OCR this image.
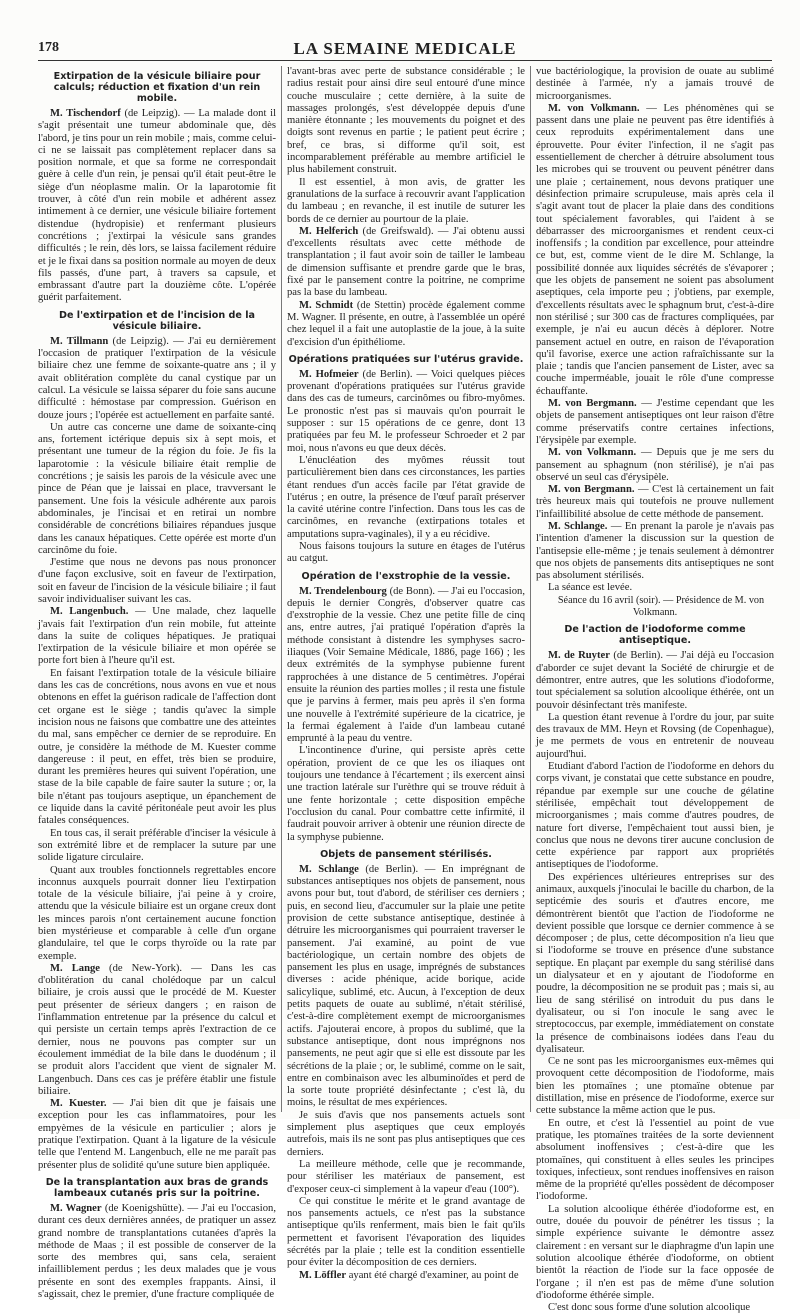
178	LA SEMAINE MEDICALE
Extirpation de la vésicule biliaire pour calculs; réduction et fixation d'un rein mobile.

M. Tischendorf (de Leipzig). — La malade dont il s'agit présentait une tumeur abdominale que, dès l'abord, je tins pour un rein mobile ; mais, comme celui-ci ne se laissait pas complètement replacer dans sa position normale, et que sa forme ne correspondait guère à celle d'un rein, je pensai qu'il était peut-être le siège d'un néoplasme malin. Or la laparotomie fit trouver, à côté d'un rein mobile et adhérent assez intimement à ce dernier, une vésicule biliaire fortement distendue (hydropisie) et renfermant plusieurs concrétions ; j'extirpai la vésicule sans grandes difficultés ; le rein, dès lors, se laissa facilement réduire et je le fixai dans sa position normale au moyen de deux fils passés, d'une part, à travers sa capsule, et embrassant d'autre part la douzième côte. L'opérée guérit parfaitement.

De l'extirpation et de l'incision de la vésicule biliaire.

M. Tillmann (de Leipzig). — J'ai eu dernièrement l'occasion de pratiquer l'extirpation de la vésicule biliaire chez une femme de soixante-quatre ans ; il y avait oblitération complète du canal cystique par un calcul. La vésicule se laissa séparer du foie sans aucune difficulté : hémostase par compression. Guérison en douze jours ; l'opérée est actuellement en parfaite santé.

Un autre cas concerne une dame de soixante-cinq ans, fortement ictérique depuis six à sept mois, et présentant une tumeur de la région du foie. Je fis la laparotomie : la vésicule biliaire était remplie de concrétions ; je saisis les parois de la vésicule avec une pince de Péan que je laissai en place, travversant le pansement. Une fois la vésicule adhérente aux parois abdominales, je l'incisai et en retirai un nombre considérable de concrétions biliaires répandues jusque dans les canaux hépatiques. Cette opérée est morte d'un carcinôme du foie.

J'estime que nous ne devons pas nous prononcer d'une façon exclusive, soit en faveur de l'extirpation, soit en faveur de l'incision de la vésicule biliaire ; il faut savoir individualiser suivant les cas.

M. Langenbuch. — Une malade, chez laquelle j'avais fait l'extirpation d'un rein mobile, fut atteinte dans la suite de coliques hépatiques. Je pratiquai l'extirpation de la vésicule biliaire et mon opérée se porte fort bien à l'heure qu'il est.

En faisant l'extirpation totale de la vésicule biliaire dans les cas de concrétions, nous avons en vue et nous obtenons en effet la guérison radicale de l'affection dont cet organe est le siège ; tandis qu'avec la simple incision nous ne faisons que combattre une des atteintes du mal, sans empêcher ce dernier de se reproduire. En outre, je considère la méthode de M. Kuester comme dangereuse : il peut, en effet, très bien se produire, durant les premières heures qui suivent l'opération, une stase de la bile capable de faire sauter la suture ; or, la bile n'étant pas toujours aseptique, un épanchement de ce liquide dans la cavité péritonéale peut avoir les plus fatales conséquences.

En tous cas, il serait préférable d'inciser la vésicule à son extrémité libre et de remplacer la suture par une solide ligature circulaire.

Quant aux troubles fonctionnels regrettables encore inconnus auxquels pourrait donner lieu l'extirpation totale de la vésicule biliaire, j'ai peine à y croire, attendu que la vésicule biliaire est un organe creux dont les minces parois n'ont certainement aucune fonction bien mystérieuse et comparable à celle d'un organe glandulaire, tel que le corps thyroïde ou la rate par exemple.

M. Lange (de New-York). — Dans les cas d'oblitération du canal cholédoque par un calcul biliaire, je crois aussi que le procédé de M. Kuester peut présenter de sérieux dangers ; en raison de l'inflammation entretenue par la présence du calcul et qui persiste un certain temps après l'extraction de ce dernier, nous ne pouvons pas compter sur un écoulement immédiat de la bile dans le duodénum ; il se produit alors l'accident que vient de signaler M. Langenbuch. Dans ces cas je préfère établir une fistule biliaire.

M. Kuester. — J'ai bien dit que je faisais une exception pour les cas inflammatoires, pour les empyèmes de la vésicule en particulier ; alors je pratique l'extirpation. Quant à la ligature de la vésicule telle que l'entend M. Langenbuch, elle ne me paraît pas présenter plus de solidité qu'une suture bien appliquée.

De la transplantation aux bras de grands lambeaux cutanés pris sur la poitrine.

M. Wagner (de Koenigshütte). — J'ai eu l'occasion, durant ces deux dernières années, de pratiquer un assez grand nombre de transplantations cutanées d'après la méthode de Maas ; il est possible de conserver de la sorte des membres qui, sans cela, seraient infailliblement perdus ; les deux malades que je vous présente en sont des exemples frappants. Ainsi, il s'agissait, chez le premier, d'une fracture compliquée de

l'avant-bras avec perte de substance considérable ; le radius restait pour ainsi dire seul entouré d'une mince couche musculaire ; cette dernière, à la suite de massages prolongés, s'est développée depuis d'une manière étonnante ; les mouvements du poignet et des doigts sont revenus en partie ; le patient peut écrire ; bref, ce bras, si difforme qu'il soit, est incomparablement préférable au membre artificiel le plus habilement construit.

Il est essentiel, à mon avis, de gratter les granulations de la surface à recouvrir avant l'application du lambeau ; en revanche, il est inutile de suturer les bords de ce dernier au pourtour de la plaie.

M. Helferich (de Greifswald). — J'ai obtenu aussi d'excellents résultats avec cette méthode de transplantation ; il faut avoir soin de tailler le lambeau de dimension suffisante et prendre garde que le bras, fixé par le pansement contre la poitrine, ne comprime pas la base du lambeau.

M. Schmidt (de Stettin) procède également comme M. Wagner. Il présente, en outre, à l'assemblée un opéré chez lequel il a fait une autoplastie de la joue, à la suite d'excision d'un épithéliome.

Opérations pratiquées sur l'utérus gravide.

M. Hofmeier (de Berlin). — Voici quelques pièces provenant d'opérations pratiquées sur l'utérus gravide dans des cas de tumeurs, carcinômes ou fibro-myômes. Le pronostic n'est pas si mauvais qu'on pourrait le supposer : sur 15 opérations de ce genre, dont 13 pratiquées par feu M. le professeur Schroeder et 2 par moi, nous n'avons eu que deux décès.

L'énucléation des myômes réussit tout particulièrement bien dans ces circonstances, les parties étant rendues d'un accès facile par l'état gravide de l'utérus ; en outre, la présence de l'œuf paraît préserver la cavité utérine contre l'infection. Dans tous les cas de carcinômes, en revanche (extirpations totales et amputations supra-vaginales), il y a eu récidive.

Nous faisons toujours la suture en étages de l'utérus au catgut.

Opération de l'exstrophie de la vessie.

M. Trendelenbourg (de Bonn). — J'ai eu l'occasion, depuis le dernier Congrès, d'observer quatre cas d'exstrophie de la vessie. Chez une petite fille de cinq ans, entre autres, j'ai pratiqué l'opération d'après la méthode consistant à distendre les symphyses sacro-iliaques (Voir Semaine Médicale, 1886, page 166) ; les deux extrémités de la symphyse pubienne furent rapprochées à une distance de 5 centimètres. J'opérai ensuite la réunion des parties molles ; il resta une fistule que je parvins à fermer, mais peu après il s'en forma une nouvelle à l'extrémité supérieure de la cicatrice, je la fermai également à l'aide d'un lambeau cutané emprunté à la peau du ventre.

L'incontinence d'urine, qui persiste après cette opération, provient de ce que les os iliaques ont toujours une tendance à l'écartement ; ils exercent ainsi une traction latérale sur l'urèthre qui se trouve réduit à une fente horizontale ; cette disposition empêche l'occlusion du canal. Pour combattre cette infirmité, il faudrait pouvoir arriver à obtenir une réunion directe de la symphyse pubienne.

Objets de pansement stérilisés.

M. Schlange (de Berlin). — En imprégnant de substances antiseptiques nos objets de pansement, nous avons pour but, tout d'abord, de stériliser ces derniers ; puis, en second lieu, d'accumuler sur la plaie une petite provision de cette substance antiseptique, destinée à détruire les microorganismes qui pourraient traverser le pansement. J'ai examiné, au point de vue bactériologique, un certain nombre des objets de pansement les plus en usage, imprégnés de substances diverses : acide phénique, acide borique, acide salicylique, sublimé, etc. Aucun, à l'exception de deux petits paquets de ouate au sublimé, n'était stérilisé, c'est-à-dire complètement exempt de microorganismes actifs. J'ajouterai encore, à propos du sublimé, que la substance antiseptique, dont nous imprégnons nos pansements, ne peut agir que si elle est dissoute par les sécrétions de la plaie ; or, le sublimé, comme on le sait, entre en combinaison avec les albuminoïdes et perd de la sorte toute propriété désinfectante ; c'est là, du moins, le résultat de mes expériences.

Je suis d'avis que nos pansements actuels sont simplement plus aseptiques que ceux employés autrefois, mais ils ne sont pas plus antiseptiques que ces derniers.

La meilleure méthode, celle que je recommande, pour stériliser les matériaux de pansement, est d'exposer ceux-ci simplement à la vapeur d'eau (100°).

Ce qui constitue le mérite et le grand avantage de nos pansements actuels, ce n'est pas la substance antiseptique qu'ils renferment, mais bien le fait qu'ils permettent et favorisent l'évaporation des liquides sécrétés par la plaie ; telle est la condition essentielle pour éviter la décomposition de ces derniers.

M. Löffler ayant été chargé d'examiner, au point de

vue bactériologique, la provision de ouate au sublimé destinée à l'armée, n'y a jamais trouvé de microorganismes.

M. von Volkmann. — Les phénomènes qui se passent dans une plaie ne peuvent pas être identifiés à ceux reproduits expérimentalement dans une éprouvette. Pour éviter l'infection, il ne s'agit pas essentiellement de chercher à détruire absolument tous les microbes qui se trouvent ou peuvent pénétrer dans une plaie ; certainement, nous devons pratiquer une désinfection primaire scrupuleuse, mais après cela il s'agit avant tout de placer la plaie dans des conditions tout spécialement favorables, qui l'aident à se débarrasser des microorganismes et rendent ceux-ci inoffensifs ; la condition par excellence, pour atteindre ce but, est, comme vient de le dire M. Schlange, la possibilité donnée aux liquides sécrétés de s'évaporer ; que les objets de pansement ne soient pas absolument aseptiques, cela importe peu ; j'obtiens, par exemple, d'excellents résultats avec le sphagnum brut, c'est-à-dire non stérilisé ; sur 300 cas de fractures compliquées, par exemple, je n'ai eu aucun décès à déplorer. Notre pansement actuel en outre, en raison de l'évaporation qu'il favorise, exerce une action rafraîchissante sur la plaie ; tandis que l'ancien pansement de Lister, avec sa couche imperméable, jouait le rôle d'une compresse échauffante.

M. von Bergmann. — J'estime cependant que les objets de pansement antiseptiques ont leur raison d'être comme préservatifs contre certaines infections, l'érysipèle par exemple.

M. von Volkmann. — Depuis que je me sers du pansement au sphagnum (non stérilisé), je n'ai pas observé un seul cas d'érysipèle.

M. von Bergmann. — C'est là certainement un fait très heureux mais qui toutefois ne prouve nullement l'infaillibilité absolue de cette méthode de pansement.

M. Schlange. — En prenant la parole je n'avais pas l'intention d'amener la discussion sur la question de l'antisepsie elle-même ; je tenais seulement à démontrer que nos objets de pansements dits antiseptiques ne sont pas absolument stérilisés.

La séance est levée.

Séance du 16 avril (soir). — Présidence de M. von Volkmann.

De l'action de l'iodoforme comme antiseptique.

M. de Ruyter (de Berlin). — J'ai déjà eu l'occasion d'aborder ce sujet devant la Société de chirurgie et de démontrer, entre autres, que les solutions d'iodoforme, tout spécialement sa solution alcoolique éthérée, ont un pouvoir désinfectant très manifeste.

La question étant revenue à l'ordre du jour, par suite des travaux de MM. Heyn et Rovsing (de Copenhague), je me permets de vous en entretenir de nouveau aujourd'hui.

Etudiant d'abord l'action de l'iodoforme en dehors du corps vivant, je constatai que cette substance en poudre, répandue par exemple sur une couche de gélatine stérilisée, empêchait tout développement de microorganismes ; mais comme d'autres poudres, de nature fort diverse, l'empêchaient tout aussi bien, je conclus que nous ne devons tirer aucune conclusion de cette expérience par rapport aux propriétés antiseptiques de l'iodoforme.

Des expériences ultérieures entreprises sur des animaux, auxquels j'inoculai le bacille du charbon, de la septicémie des souris et d'autres encore, me démontrèrent bientôt que l'action de l'iodoforme ne devient possible que lorsque ce dernier commence à se décomposer ; de plus, cette décomposition n'a lieu que si l'iodoforme se trouve en présence d'une substance septique. En plaçant par exemple du sang stérilisé dans un dialysateur et en y ajoutant de l'iodoforme en poudre, la décomposition ne se produit pas ; mais si, au lieu de sang stérilisé on introduit du pus dans le dyalisateur, ou si l'on inocule le sang avec le streptococcus, par exemple, immédiatement on constate la présence de combinaisons iodées dans l'eau du dyalisateur.

Ce ne sont pas les microorganismes eux-mêmes qui provoquent cette décomposition de l'iodoforme, mais bien les ptomaïnes ; une ptomaïne obtenue par distillation, mise en présence de l'iodoforme, exerce sur cette substance la même action que le pus.

En outre, et c'est là l'essentiel au point de vue pratique, les ptomaïnes traitées de la sorte deviennent absolument inoffensives ; c'est-à-dire que les ptomaïnes, qui constituent à elles seules les principes toxiques, infectieux, sont rendues inoffensives en raison même de la propriété qu'elles possèdent de décomposer l'iodoforme.

La solution alcoolique éthérée d'iodoforme est, en outre, douée du pouvoir de pénétrer les tissus ; la simple expérience suivante le démontre assez clairement : en versant sur le diaphragme d'un lapin une solution alcoolique éthérée d'iodoforme, on obtient bientôt la réaction de l'iode sur la face opposée de l'organe ; il n'en est pas de même d'une solution d'iodoforme éthérée simple.

C'est donc sous forme d'une solution alcoolique
